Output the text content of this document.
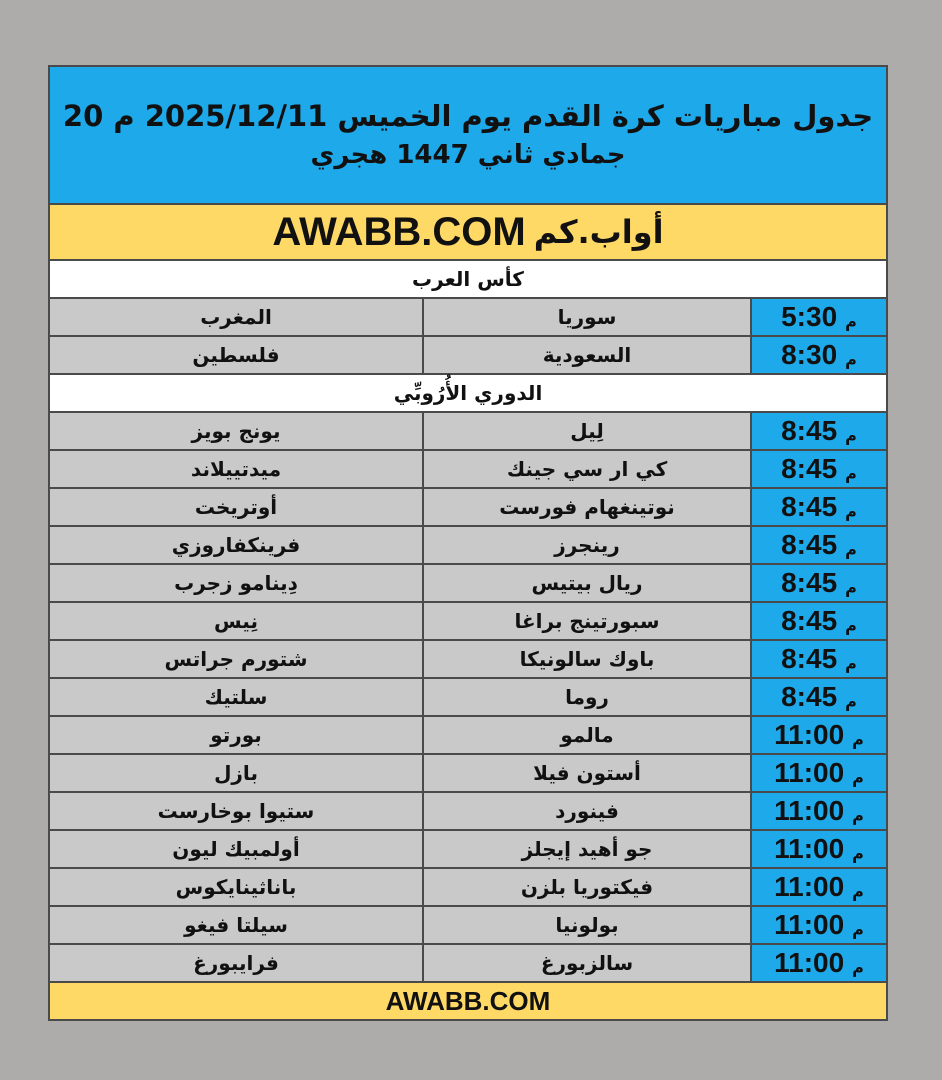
جدول مباريات كرة القدم يوم الخميس 2025/12/11 م 20
جمادي ثاني 1447 هجري
أواب.كم
AWABB.COM
كأس العرب
المغرب	سوريا	5:30 م
فلسطين	السعودية	8:30 م
الدوري الأُرُوبِّي
يونج بويز	لِيل	8:45 م
ميدتييلاند	كي ار سي جينك	8:45 م
أوتريخت	نوتينغهام فورست	8:45 م
فرينكفاروزي	رينجرز	8:45 م
دِينامو زجرب	ريال بيتيس	8:45 م
نِيس	سبورتينج براغا	8:45 م
شتورم جراتس	باوك سالونيكا	8:45 م
سلتيك	روما	8:45 م
بورتو	مالمو	11:00 م
بازل	أستون فيلا	11:00 م
ستيوا بوخارست	فينورد	11:00 م
أولمبيك ليون	جو أهيد إيجلز	11:00 م
باناثينايكوس	فيكتوريا بلزن	11:00 م
سيلتا فيغو	بولونيا	11:00 م
فرايبورغ	سالزبورغ	11:00 م
AWABB.COM
